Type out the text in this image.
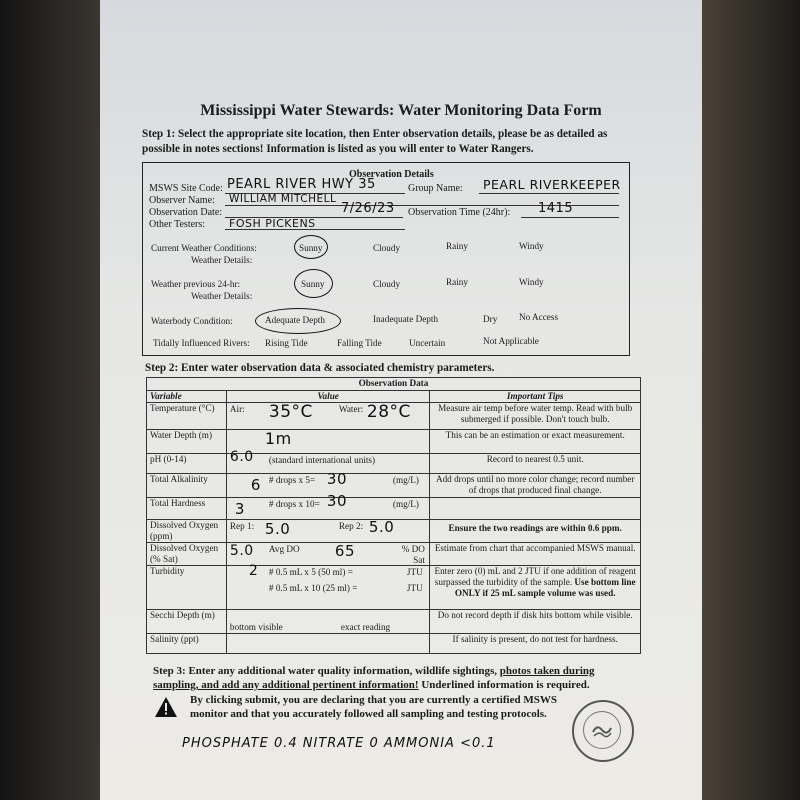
Mississippi Water Stewards: Water Monitoring Data Form
Step 1: Select the appropriate site location, then Enter observation details, please be as detailed as possible in notes sections! Information is listed as you will enter to Water Rangers.
Observation Details
MSWS Site Code: PEARL RIVER HWY 35	Group Name: PEARL RIVERKEEPER
Observer Name: WILLIAM MITCHELL
Observation Date:	7/26/23 Observation Time (24hr): 1415
Other Testers: FOSH PICKENS
Current Weather Conditions:
Weather Details:
Sunny	Cloudy	Rainy	Windy
Weather previous 24-hr:
Weather Details:
Sunny	Cloudy	Rainy	Windy
Waterbody Condition:	Adequate Depth	Inadequate Depth	Dry No Access
Tidally Influenced Rivers: Rising Tide	Falling Tide	Uncertain	Not Applicable
Step 2: Enter water observation data & associated chemistry parameters.
Observation Data		
Variable	Value	Important Tips
Temperature (°C)	Air: 35°C Water: 28°C	Measure air temp before water temp. Read with bulb submerged if possible. Don't touch bulb.
Water Depth (m)	1m	This can be an estimation or exact measurement.
pH (0-14)	6.0 (standard international units)	Record to nearest 0.5 unit.
Total Alkalinity	6 # drops x 5= 30 (mg/L)	Add drops until no more color change; record number of drops that produced final change.
Total Hardness	3 # drops x 10= 30 (mg/L)	

Dissolved Oxygen (ppm)	Rep 1: 5.0 Rep 2: 5.0	Ensure the two readings are within 0.6 ppm.
Dissolved Oxygen (% Sat)	5.0 Avg DO 65 % DO Sat	Estimate from chart that accompanied MSWS manual.
Turbidity	2 # 0.5 mL x 5 (50 ml) = JTU
# 0.5 mL x 10 (25 ml) = JTU	Enter zero (0) mL and 2 JTU if one addition of reagent surpassed the turbidity of the sample. Use bottom line ONLY if 25 mL sample volume was used.
Secchi Depth (m)	bottom visible exact reading	Do not record depth if disk hits bottom while visible.
Salinity (ppt)		If salinity is present, do not test for hardness.
Step 3: Enter any additional water quality information, wildlife sightings, photos taken during sampling, and add any additional pertinent information! Underlined information is required.
By clicking submit, you are declaring that you are currently a certified MSWS monitor and that you accurately followed all sampling and testing protocols.
PHOSPHATE 0.4 NITRATE 0 AMMONIA <0.1
